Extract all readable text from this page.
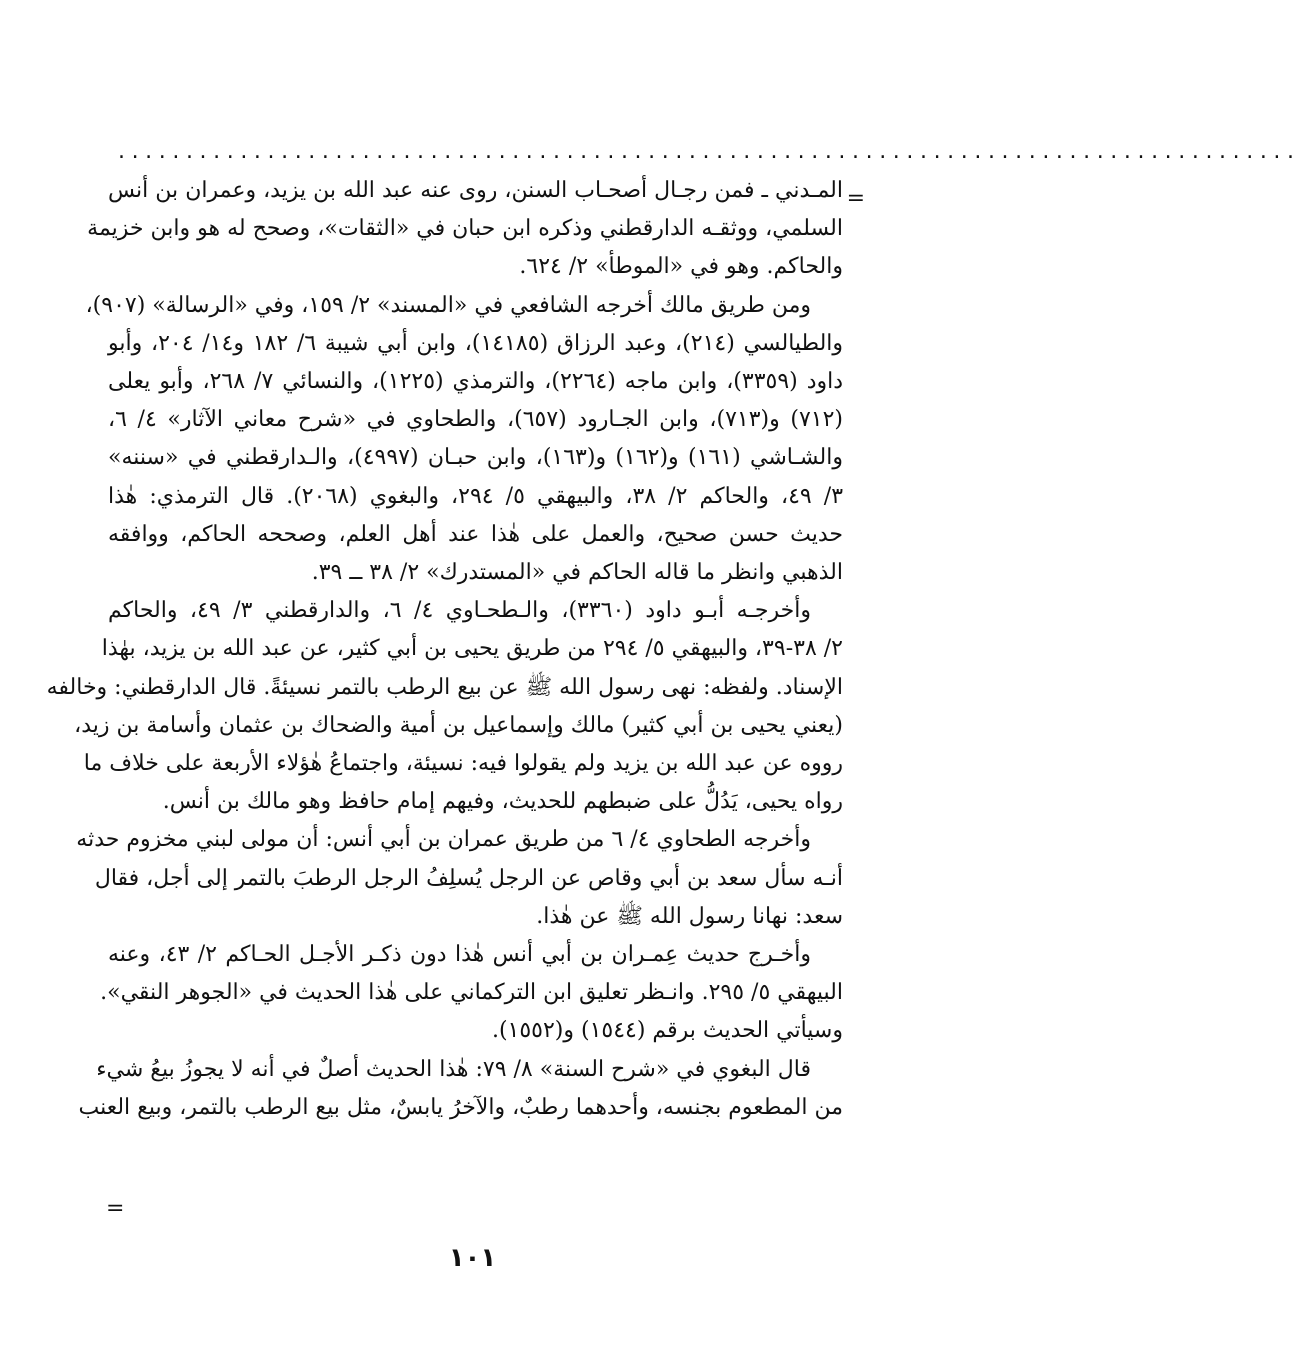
.......................................................................................
=
المـدني ـ فمن رجـال أصحـاب السنن، روى عنه عبد الله بن يزيد، وعمران بن أنس
السلمي، ووثقـه الدارقطني وذكره ابن حبان في «الثقات»، وصحح له هو وابن خزيمة
والحاكم. وهو في «الموطأ» ٢/ ٦٢٤.
ومن طريق مالك أخرجه الشافعي في «المسند» ٢/ ١٥٩، وفي «الرسالة» (٩٠٧)،
والطيالسي (٢١٤)، وعبد الرزاق (١٤١٨٥)، وابن أبي شيبة ٦/ ١٨٢ و١٤/ ٢٠٤، وأبو
داود (٣٣٥٩)، وابن ماجه (٢٢٦٤)، والترمذي (١٢٢٥)، والنسائي ٧/ ٢٦٨، وأبو يعلى
(٧١٢) و(٧١٣)، وابن الجـارود (٦٥٧)، والطحاوي في «شرح معاني الآثار» ٤/ ٦،
والشـاشي (١٦١) و(١٦٢) و(١٦٣)، وابن حبـان (٤٩٩٧)، والـدارقطني في «سننه»
٣/ ٤٩، والحاكم ٢/ ٣٨، والبيهقي ٥/ ٢٩٤، والبغوي (٢٠٦٨). قال الترمذي: هٰذا
حديث حسن صحيح، والعمل على هٰذا عند أهل العلم، وصححه الحاكم، ووافقه
الذهبي وانظر ما قاله الحاكم في «المستدرك» ٢/ ٣٨ ــ ٣٩.
وأخرجـه أبـو داود (٣٣٦٠)، والـطحـاوي ٤/ ٦، والدارقطني ٣/ ٤٩، والحاكم
٢/ ٣٨-٣٩، والبيهقي ٥/ ٢٩٤ من طريق يحيى بن أبي كثير، عن عبد الله بن يزيد، بهٰذا
الإسناد. ولفظه: نهى رسول الله ﷺ عن بيع الرطب بالتمر نسيئةً. قال الدارقطني: وخالفه
(يعني يحيى بن أبي كثير) مالك وإسماعيل بن أمية والضحاك بن عثمان وأسامة بن زيد،
رووه عن عبد الله بن يزيد ولم يقولوا فيه: نسيئة، واجتماعُ هٰؤلاء الأربعة على خلاف ما
رواه يحيى، يَدُلُّ على ضبطهم للحديث، وفيهم إمام حافظ وهو مالك بن أنس.
وأخرجه الطحاوي ٤/ ٦ من طريق عمران بن أبي أنس: أن مولى لبني مخزوم حدثه
أنـه سأل سعد بن أبي وقاص عن الرجل يُسلِفُ الرجل الرطبَ بالتمر إلى أجل، فقال
سعد: نهانا رسول الله ﷺ عن هٰذا.
وأخـرج حديث عِمـران بن أبي أنس هٰذا دون ذكـر الأجـل الحـاكم ٢/ ٤٣، وعنه
البيهقي ٥/ ٢٩٥. وانـظر تعليق ابن التركماني على هٰذا الحديث في «الجوهر النقي».
وسيأتي الحديث برقم (١٥٤٤) و(١٥٥٢).
قال البغوي في «شرح السنة» ٨/ ٧٩: هٰذا الحديث أصلٌ في أنه لا يجوزُ بيعُ شيء
من المطعوم بجنسه، وأحدهما رطبٌ، والآخرُ يابسٌ، مثل بيع الرطب بالتمر، وبيع العنب
=
١٠١
